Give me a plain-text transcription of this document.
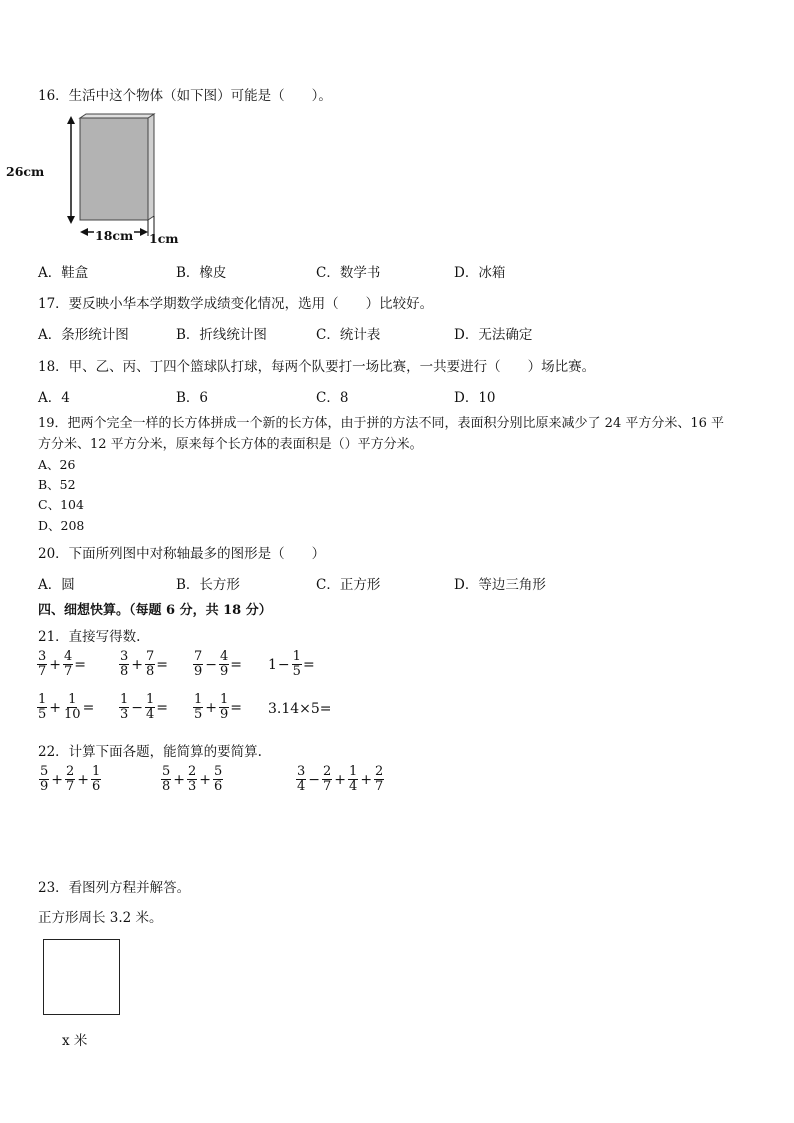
16．生活中这个物体（如下图）可能是（　　）。
26cm
18cm 1cm
A．鞋盒	B．橡皮	C．数学书	D．冰箱
17．要反映小华本学期数学成绩变化情况，选用（　　）比较好。
A．条形统计图	B．折线统计图	C．统计表	D．无法确定
18．甲、乙、丙、丁四个篮球队打球，每两个队要打一场比赛，一共要进行（　　）场比赛。
A．4	B．6	C．8	D．10
19．把两个完全一样的长方体拼成一个新的长方体，由于拼的方法不同，表面积分别比原来减少了 24 平方分米、16 平
方分米、12 平方分米，原来每个长方体的表面积是（）平方分米。
A、26
B、52
C、104
D、208
20．下面所列图中对称轴最多的图形是（　　）
A．圆	B．长方形	C．正方形	D．等边三角形
四、细想快算。（每题 6 分，共 18 分）
21．直接写得数.
$\frac{3}{7} + \frac{4}{7}$ =	$\frac{3}{8} + \frac{7}{8} = \frac{7}{9} - \frac{4}{9} = 1 - \frac{1}{5}$ =
$\frac{1}{5} + \frac{1}{10} = \frac{1}{3} - \frac{1}{4} = \frac{1}{5} + \frac{1}{9} = 3.14\times 5=$
22．计算下面各题，能简算的要简算.
$\frac{5}{9} + \frac{2}{7} + \frac{1}{6}$	$\frac{5}{8} + \frac{2}{3} + \frac{5}{6}$	$\frac{3}{4} - \frac{2}{7} + \frac{1}{4} + \frac{2}{7}$
23．看图列方程并解答。
正方形周长 3.2 米。
x 米
